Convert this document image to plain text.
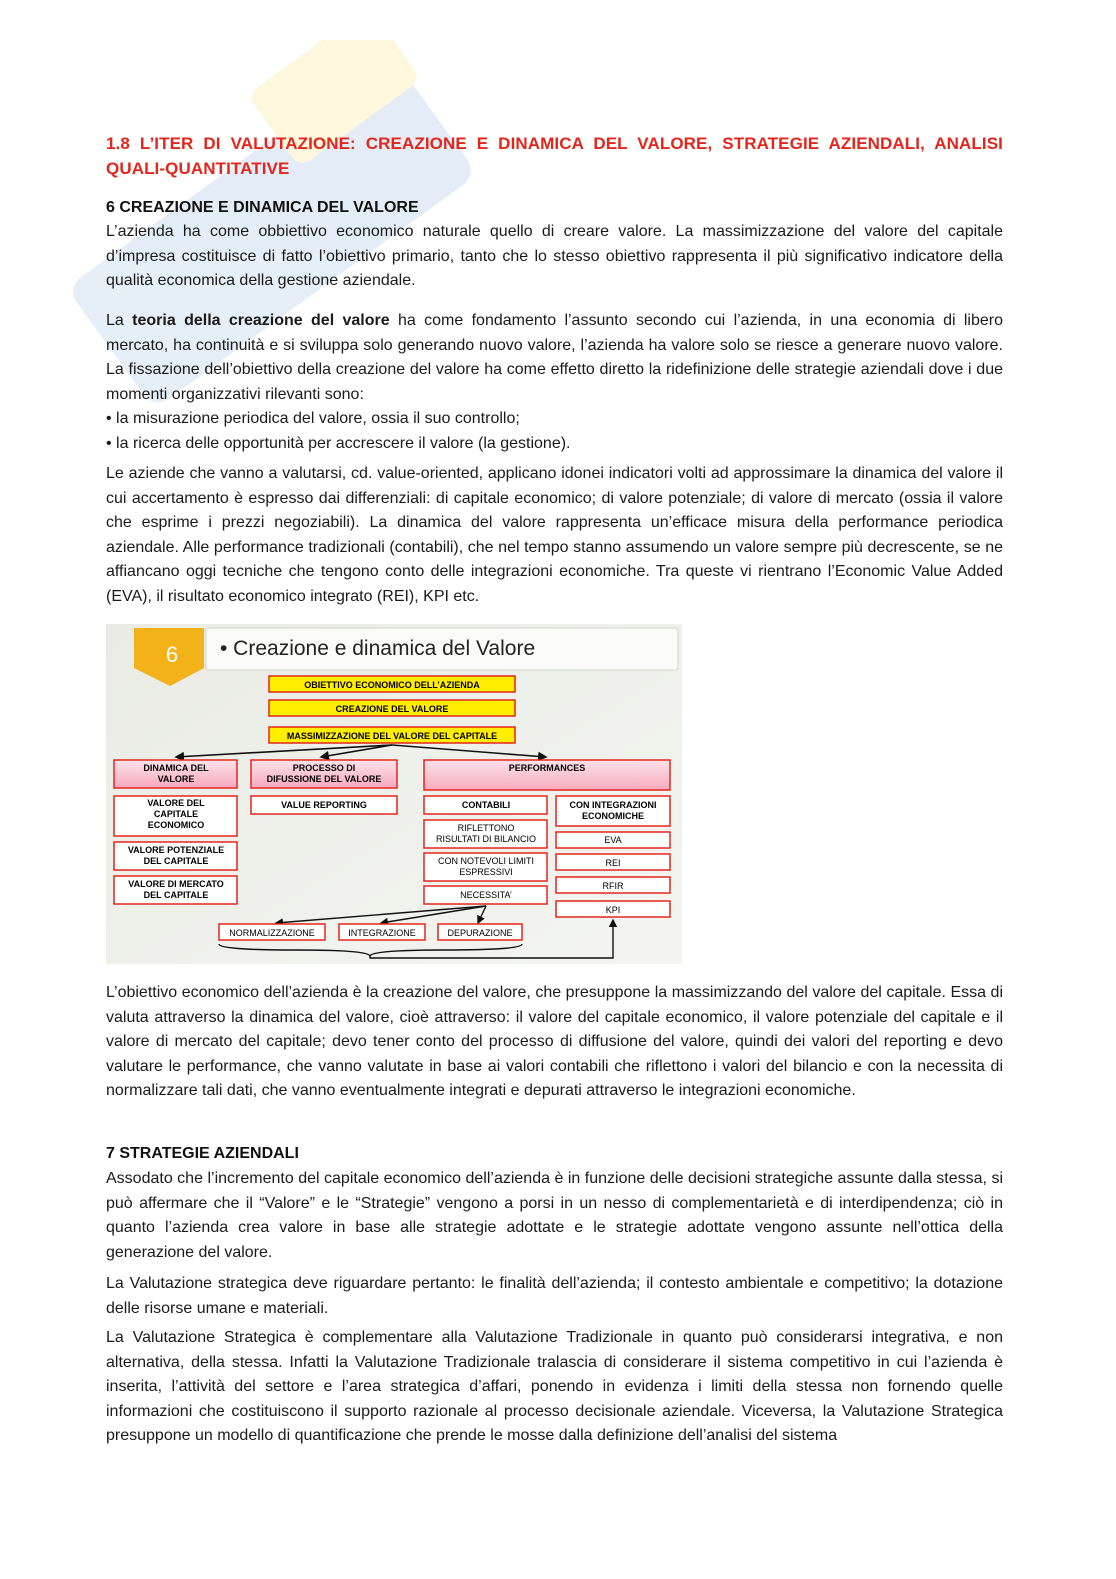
1.8 L’ITER DI VALUTAZIONE: CREAZIONE E DINAMICA DEL VALORE, STRATEGIE AZIENDALI, ANALISI QUALI-QUANTITATIVE
6 CREAZIONE E DINAMICA DEL VALORE

L’azienda ha come obbiettivo economico naturale quello di creare valore. La massimizzazione del valore del capitale d’impresa costituisce di fatto l’obiettivo primario, tanto che lo stesso obiettivo rappresenta il più significativo indicatore della qualità economica della gestione aziendale.

La teoria della creazione del valore ha come fondamento l’assunto secondo cui l’azienda, in una economia di libero mercato, ha continuità e si sviluppa solo generando nuovo valore, l’azienda ha valore solo se riesce a generare nuovo valore. La fissazione dell’obiettivo della creazione del valore ha come effetto diretto la ridefinizione delle strategie aziendali dove i due momenti organizzativi rilevanti sono:
• la misurazione periodica del valore, ossia il suo controllo;
• la ricerca delle opportunità per accrescere il valore (la gestione).

Le aziende che vanno a valutarsi, cd. value-oriented, applicano idonei indicatori volti ad approssimare la dinamica del valore il cui accertamento è espresso dai differenziali: di capitale economico; di valore potenziale; di valore di mercato (ossia il valore che esprime i prezzi negoziabili). La dinamica del valore rappresenta un’efficace misura della performance periodica aziendale. Alle performance tradizionali (contabili), che nel tempo stanno assumendo un valore sempre più decrescente, se ne affiancano oggi tecniche che tengono conto delle integrazioni economiche. Tra queste vi rientrano l’Economic Value Added (EVA), il risultato economico integrato (REI), KPI etc.

L’obiettivo economico dell’azienda è la creazione del valore, che presuppone la massimizzando del valore del capitale. Essa di valuta attraverso la dinamica del valore, cioè attraverso: il valore del capitale economico, il valore potenziale del capitale e il valore di mercato del capitale; devo tener conto del processo di diffusione del valore, quindi dei valori del reporting e devo valutare le performance, che vanno valutate in base ai valori contabili che riflettono i valori del bilancio e con la necessita di normalizzare tali dati, che vanno eventualmente integrati e depurati attraverso le integrazioni economiche.

7 STRATEGIE AZIENDALI

Assodato che l’incremento del capitale economico dell’azienda è in funzione delle decisioni strategiche assunte dalla stessa, si può affermare che il “Valore” e le “Strategie” vengono a porsi in un nesso di complementarietà e di interdipendenza; ciò in quanto l’azienda crea valore in base alle strategie adottate e le strategie adottate vengono assunte nell’ottica della generazione del valore.

La Valutazione strategica deve riguardare pertanto: le finalità dell’azienda; il contesto ambientale e competitivo; la dotazione delle risorse umane e materiali.

La Valutazione Strategica è complementare alla Valutazione Tradizionale in quanto può considerarsi integrativa, e non alternativa, della stessa. Infatti la Valutazione Tradizionale tralascia di considerare il sistema competitivo in cui l’azienda è inserita, l’attività del settore e l’area strategica d’affari, ponendo in evidenza i limiti della stessa non fornendo quelle informazioni che costituiscono il supporto razionale al processo decisionale aziendale. Viceversa, la Valutazione Strategica presuppone un modello di quantificazione che prende le mosse dalla definizione dell’analisi del sistema

6 • Creazione e dinamica del Valore
OBIETTIVO ECONOMICO DELL’AZIENDA
CREAZIONE DEL VALORE
MASSIMIZZAZIONE DEL VALORE DEL CAPITALE
DINAMICA DEL VALORE
PROCESSO DI DIFUSSIONE DEL VALORE
PERFORMANCES
VALORE DEL CAPITALE ECONOMICO
VALORE POTENZIALE DEL CAPITALE
VALORE DI MERCATO DEL CAPITALE
VALUE REPORTING	CONTABILI
RIFLETTONO RISULTATI DI BILANCIO
CON NOTEVOLI LIMITI ESPRESSIVI
NECESSITA’
CON INTEGRAZIONI ECONOMICHE
EVA
REI
RFIR
KPI
NORMALIZZAZIONE	INTEGRAZIONE	DEPURAZIONE
